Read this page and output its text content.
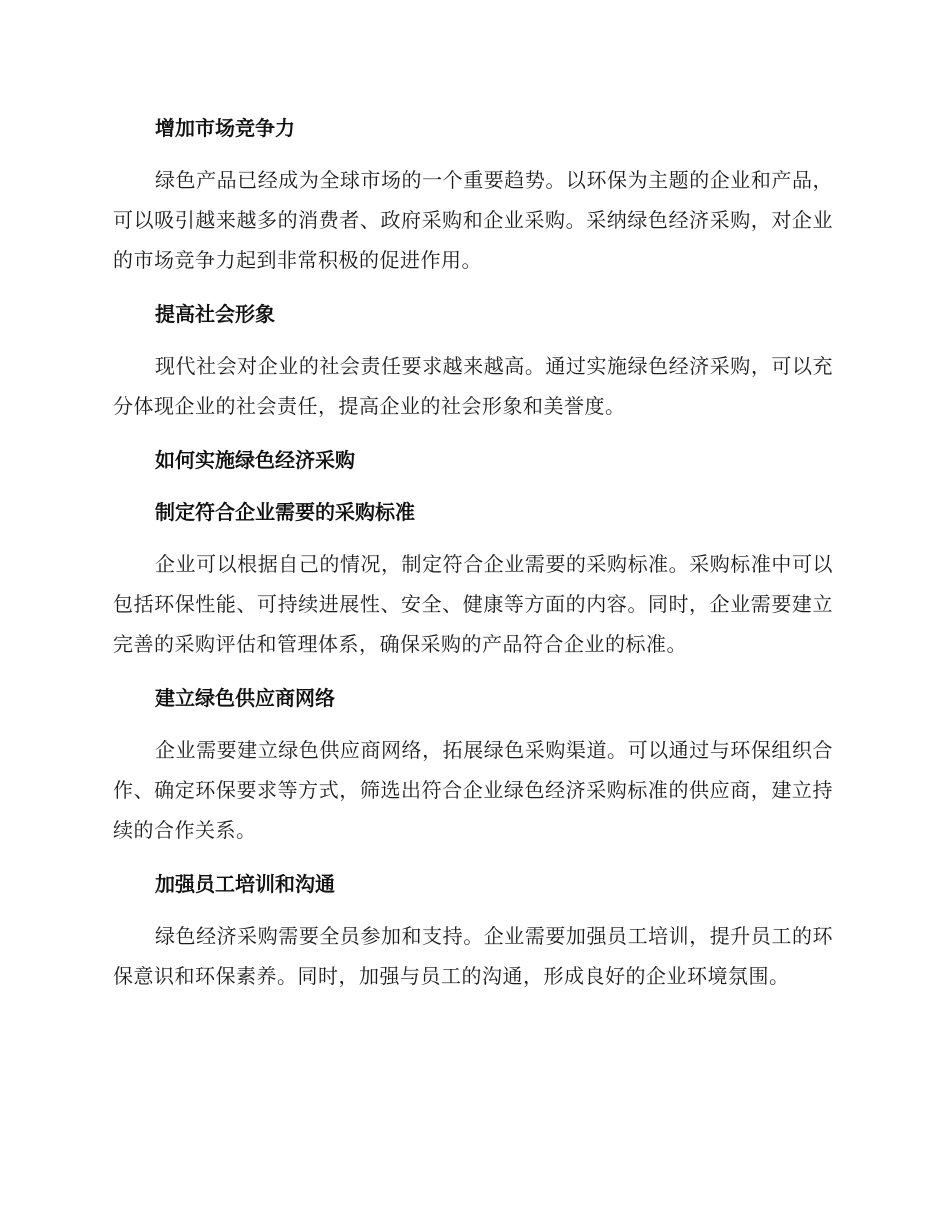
增加市场竞争力

绿色产品已经成为全球市场的一个重要趋势。以环保为主题的企业和产品，可以吸引越来越多的消费者、政府采购和企业采购。采纳绿色经济采购，对企业的市场竞争力起到非常积极的促进作用。

提高社会形象

现代社会对企业的社会责任要求越来越高。通过实施绿色经济采购，可以充分体现企业的社会责任，提高企业的社会形象和美誉度。

如何实施绿色经济采购
制定符合企业需要的采购标准

企业可以根据自己的情况，制定符合企业需要的采购标准。采购标准中可以包括环保性能、可持续进展性、安全、健康等方面的内容。同时，企业需要建立完善的采购评估和管理体系，确保采购的产品符合企业的标准。

建立绿色供应商网络

企业需要建立绿色供应商网络，拓展绿色采购渠道。可以通过与环保组织合作、确定环保要求等方式，筛选出符合企业绿色经济采购标准的供应商，建立持续的合作关系。

加强员工培训和沟通

绿色经济采购需要全员参加和支持。企业需要加强员工培训，提升员工的环保意识和环保素养。同时，加强与员工的沟通，形成良好的企业环境氛围。
